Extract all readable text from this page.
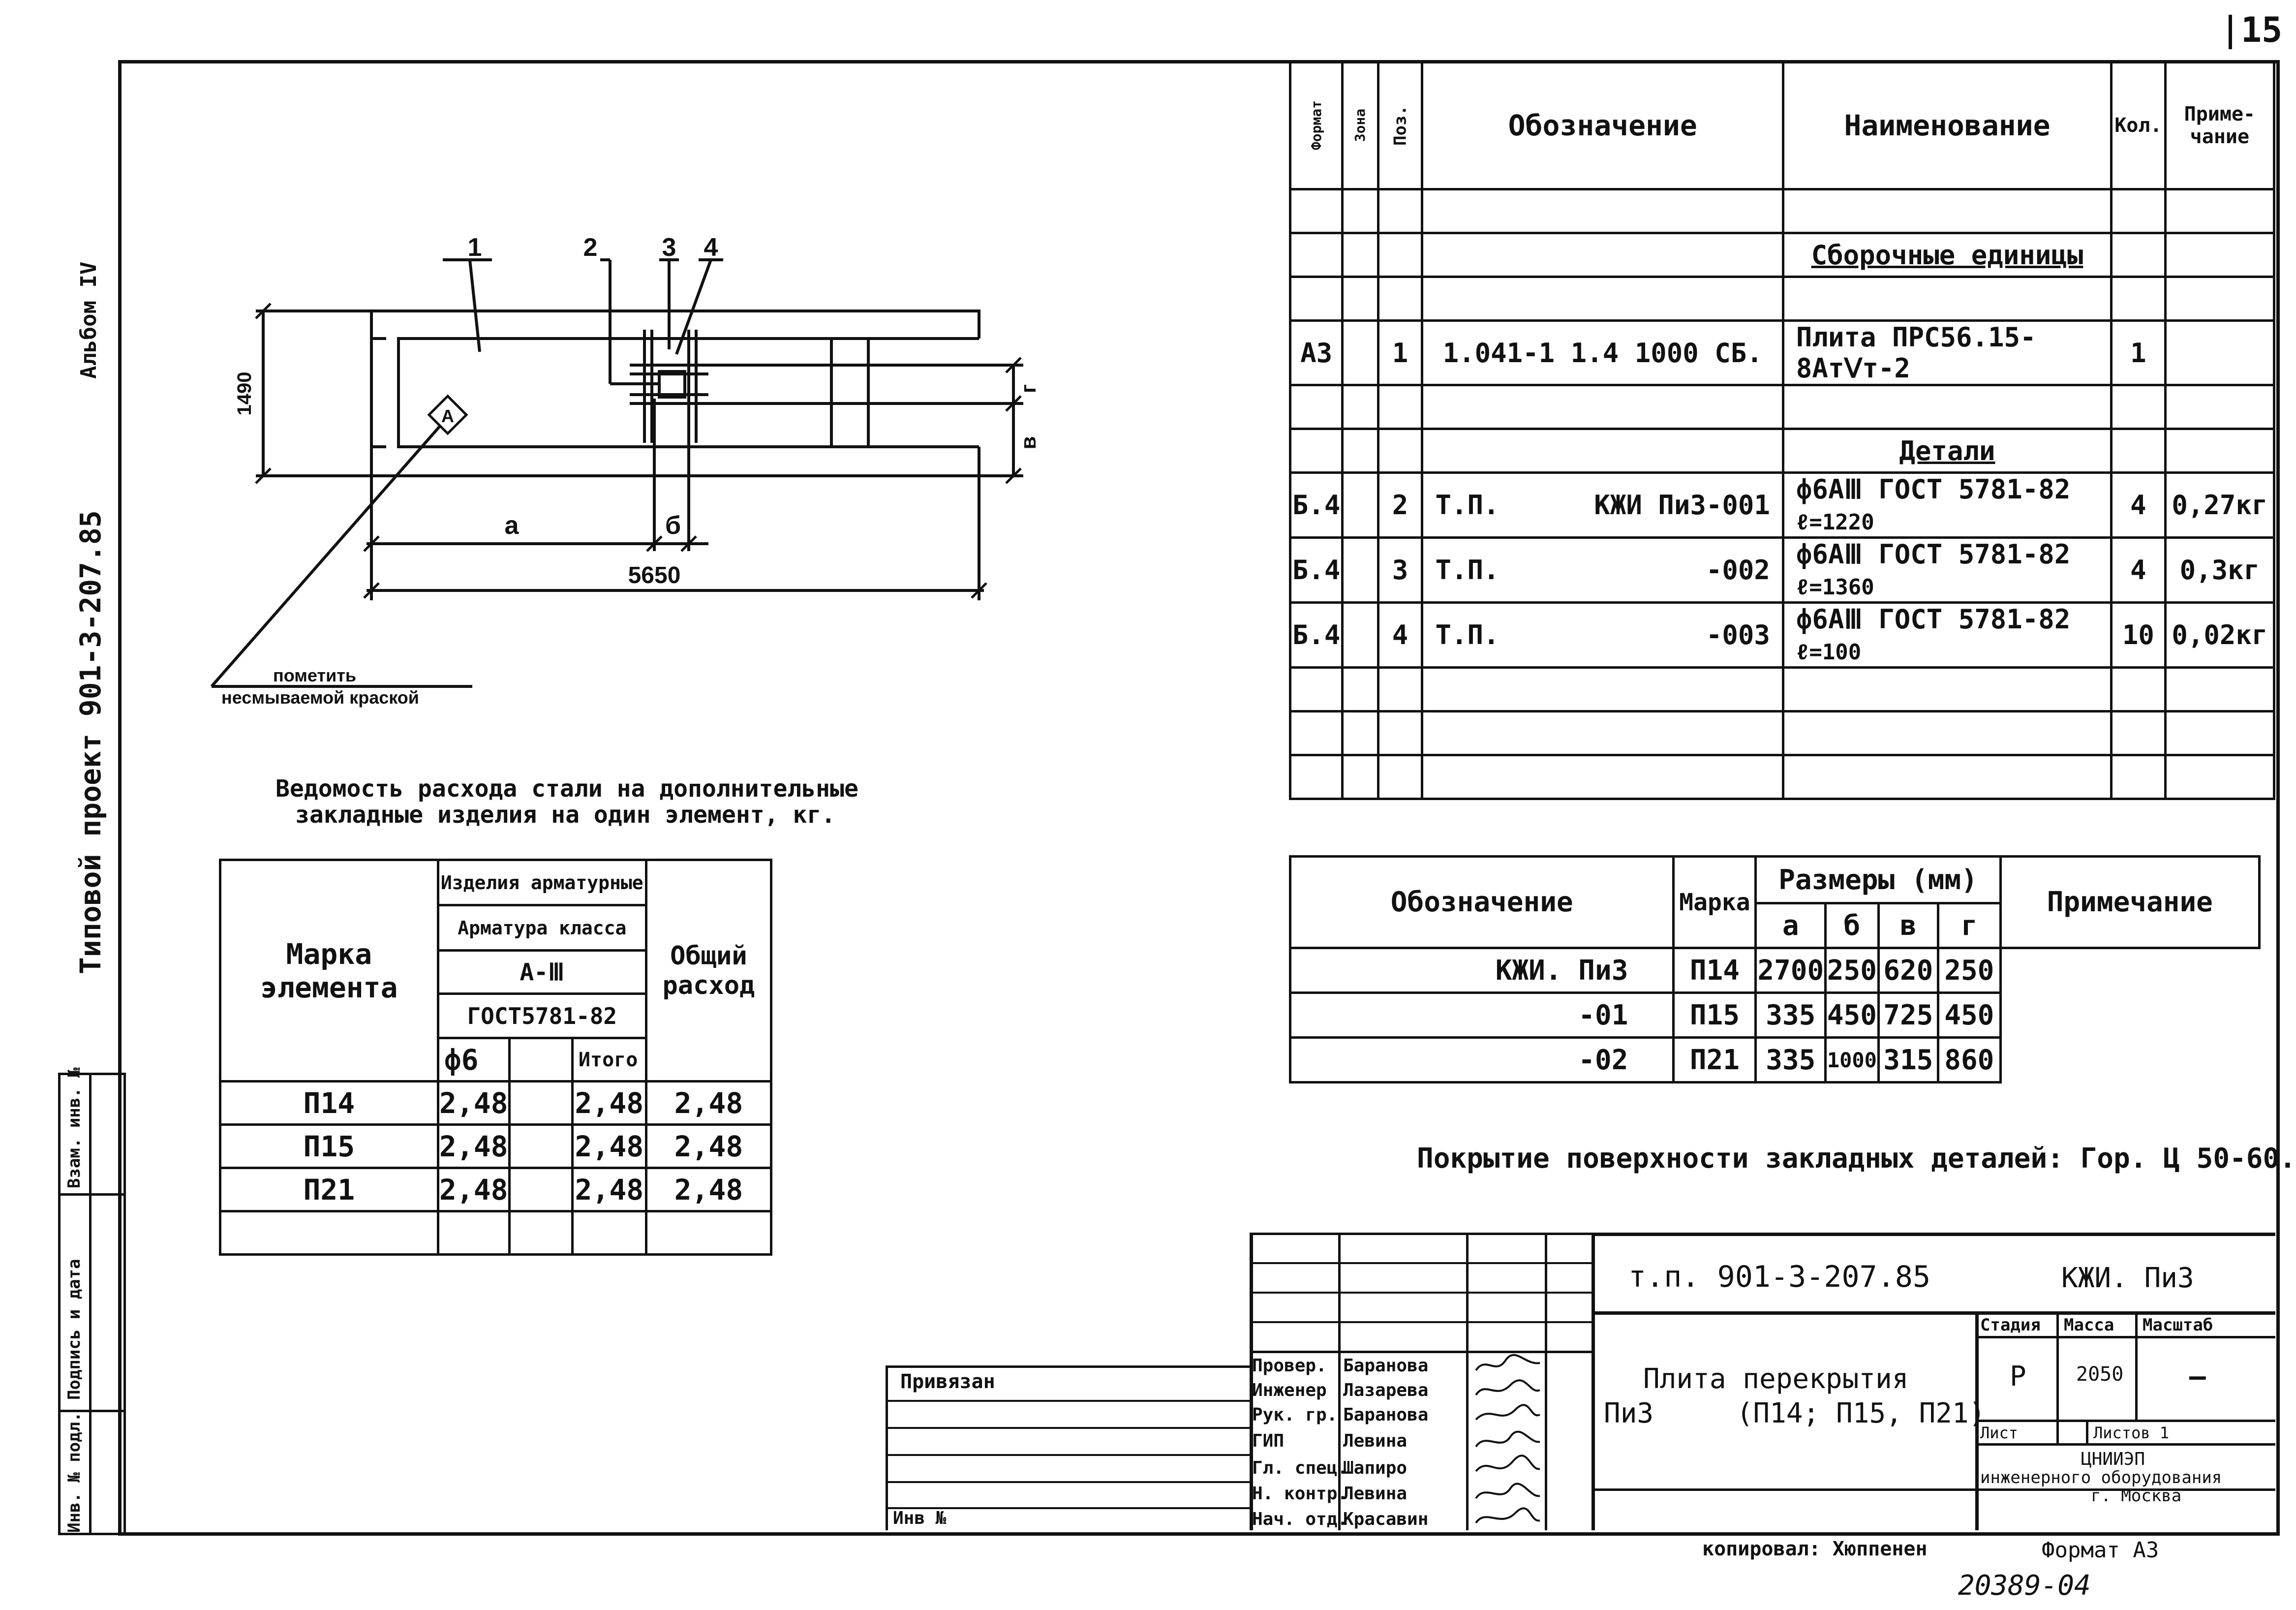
15
Альбом IV
Типовой проект 901-3-207.85
Инв. № подл.
Подпись и дата
Взам. инв. №
Формат	Зона	Поз.	Обозначение	Наименование	Кол.	Приме-чание

				Сборочные единицы		

А3		1	1.041-1 1.4 1000 СБ.	Плита ПРС56.15-8АтⅤт-2	1	

				Детали		
Б.4		2	Т.П. КЖИ Пи3-001	ф6АⅢ ГОСТ 5781-82 ℓ=1220	4	0,27кг
Б.4		3	Т.П. -002	ф6АⅢ ГОСТ 5781-82 ℓ=1360	4	0,3кг
Б.4		4	Т.П. -003	ф6АⅢ ГОСТ 5781-82 ℓ=100	10	0,02кг

1	2	3 4
А
1490
5650
а	б
г
в
пометить
несмываемой краской
Ведомость расхода стали на дополнительные
закладные изделия на один элемент, кг.
Марка элемента	Изделия арматурные			Общий расход
	Арматура класса			
	А-Ⅲ			
	ГОСТ5781-82			
	ф6		Итого	
П14	2,48		2,48	2,48
П15	2,48		2,48	2,48
П21	2,48		2,48	2,48

Обозначение	Марка	Размеры (мм)				Примечание
		а	б	в	г	
КЖИ. Пи3	П14	2700	250	620	250	
-01	П15	335	450	725	450	
-02	П21	335	1000	315	860	
Покрытие поверхности закладных деталей: Гор. Ц 50-60.
Привязан
Инв №
Провер. Баранова
Инженер Лазарева
Рук. гр. Баранова
ГИП	Левина
Гл. спец.
Шапиро
Н. контр.
Левина
Нач. отд.
Красавин
т.п. 901-3-207.85	КЖИ. Пи3
Плита перекрытия
Пи3     (П14; П15, П21)
Стадия Масса Масштаб
Р	2050 —
Лист	Листов 1
ЦНИИЭП
инженерного оборудования
г. Москва
копировал: Хюппенен	Формат А3
20389-04
